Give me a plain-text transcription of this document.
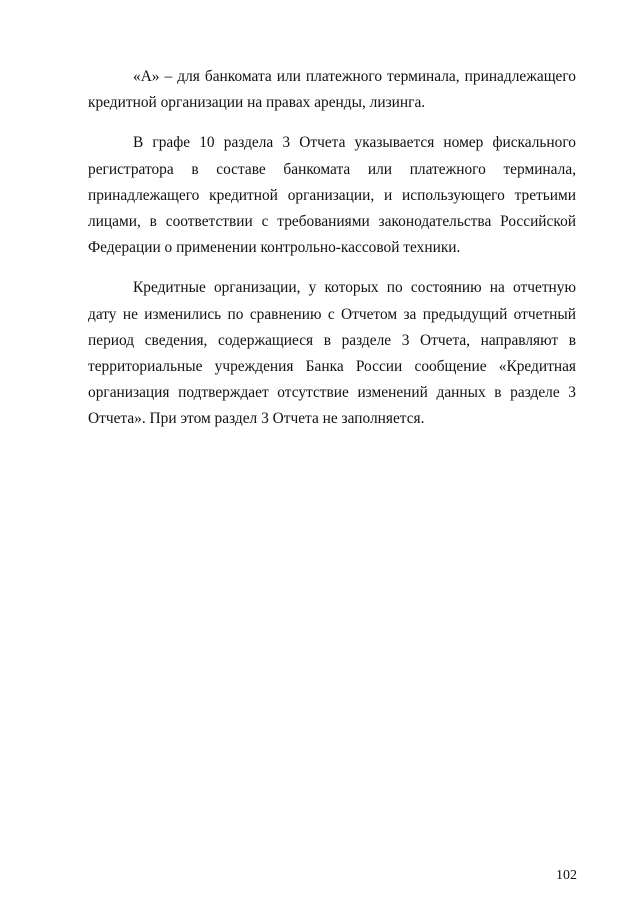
«A» – для банкомата или платежного терминала, принадлежащего кредитной организации на правах аренды, лизинга.

В графе 10 раздела 3 Отчета указывается номер фискального регистратора в составе банкомата или платежного терминала, принадлежащего кредитной организации, и использующего третьими лицами, в соответствии с требованиями законодательства Российской Федерации о применении контрольно-кассовой техники.

Кредитные организации, у которых по состоянию на отчетную дату не изменились по сравнению с Отчетом за предыдущий отчетный период сведения, содержащиеся в разделе 3 Отчета, направляют в территориальные учреждения Банка России сообщение «Кредитная организация подтверждает отсутствие изменений данных в разделе 3 Отчета». При этом раздел 3 Отчета не заполняется.

102
